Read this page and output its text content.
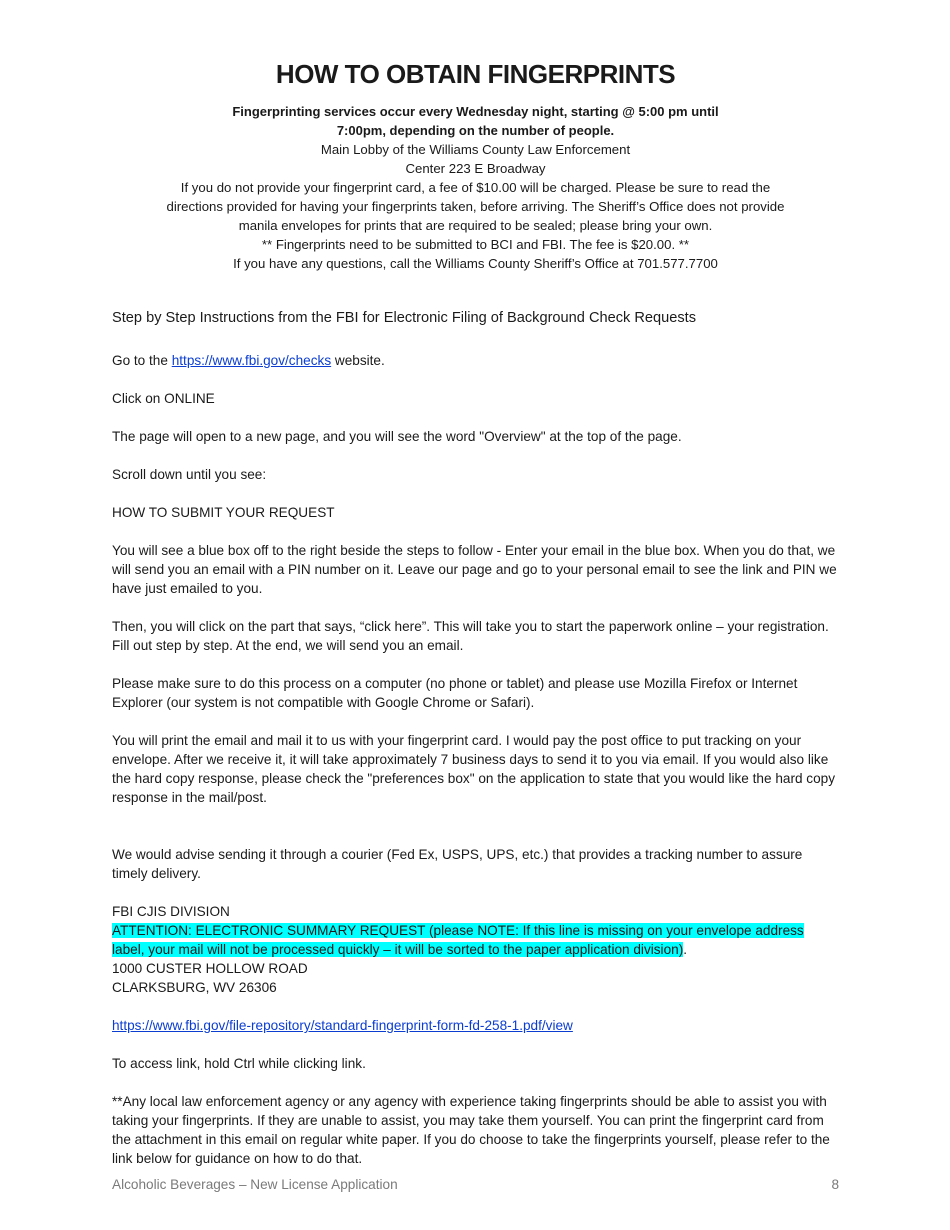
HOW TO OBTAIN FINGERPRINTS

Fingerprinting services occur every Wednesday night, starting @ 5:00 pm until 7:00pm, depending on the number of people.

Main Lobby of the Williams County Law Enforcement

Center 223 E Broadway

If you do not provide your fingerprint card, a fee of $10.00 will be charged. Please be sure to read the directions provided for having your fingerprints taken, before arriving. The Sheriff’s Office does not provide manila envelopes for prints that are required to be sealed; please bring your own.

** Fingerprints need to be submitted to BCI and FBI. The fee is $20.00. **

If you have any questions, call the Williams County Sheriff’s Office at 701.577.7700

Step by Step Instructions from the FBI for Electronic Filing of Background Check Requests

Go to the https://www.fbi.gov/checks website.

Click on ONLINE

The page will open to a new page, and you will see the word "Overview" at the top of the page.

Scroll down until you see:

HOW TO SUBMIT YOUR REQUEST

You will see a blue box off to the right beside the steps to follow - Enter your email in the blue box. When you do that, we will send you an email with a PIN number on it. Leave our page and go to your personal email to see the link and PIN we have just emailed to you.

Then, you will click on the part that says, “click here”. This will take you to start the paperwork online – your registration. Fill out step by step. At the end, we will send you an email.

Please make sure to do this process on a computer (no phone or tablet) and please use Mozilla Firefox or Internet Explorer (our system is not compatible with Google Chrome or Safari).

You will print the email and mail it to us with your fingerprint card. I would pay the post office to put tracking on your envelope. After we receive it, it will take approximately 7 business days to send it to you via email. If you would also like the hard copy response, please check the "preferences box" on the application to state that you would like the hard copy response in the mail/post.

We would advise sending it through a courier (Fed Ex, USPS, UPS, etc.) that provides a tracking number to assure timely delivery.

FBI CJIS DIVISION

ATTENTION: ELECTRONIC SUMMARY REQUEST (please NOTE: If this line is missing on your envelope address label, your mail will not be processed quickly – it will be sorted to the paper application division).

1000 CUSTER HOLLOW ROAD

CLARKSBURG, WV 26306

https://www.fbi.gov/file-repository/standard-fingerprint-form-fd-258-1.pdf/view

To access link, hold Ctrl while clicking link.

**Any local law enforcement agency or any agency with experience taking fingerprints should be able to assist you with taking your fingerprints. If they are unable to assist, you may take them yourself. You can print the fingerprint card from the attachment in this email on regular white paper. If you do choose to take the fingerprints yourself, please refer to the link below for guidance on how to do that.

Alcoholic Beverages – New License Application	8
